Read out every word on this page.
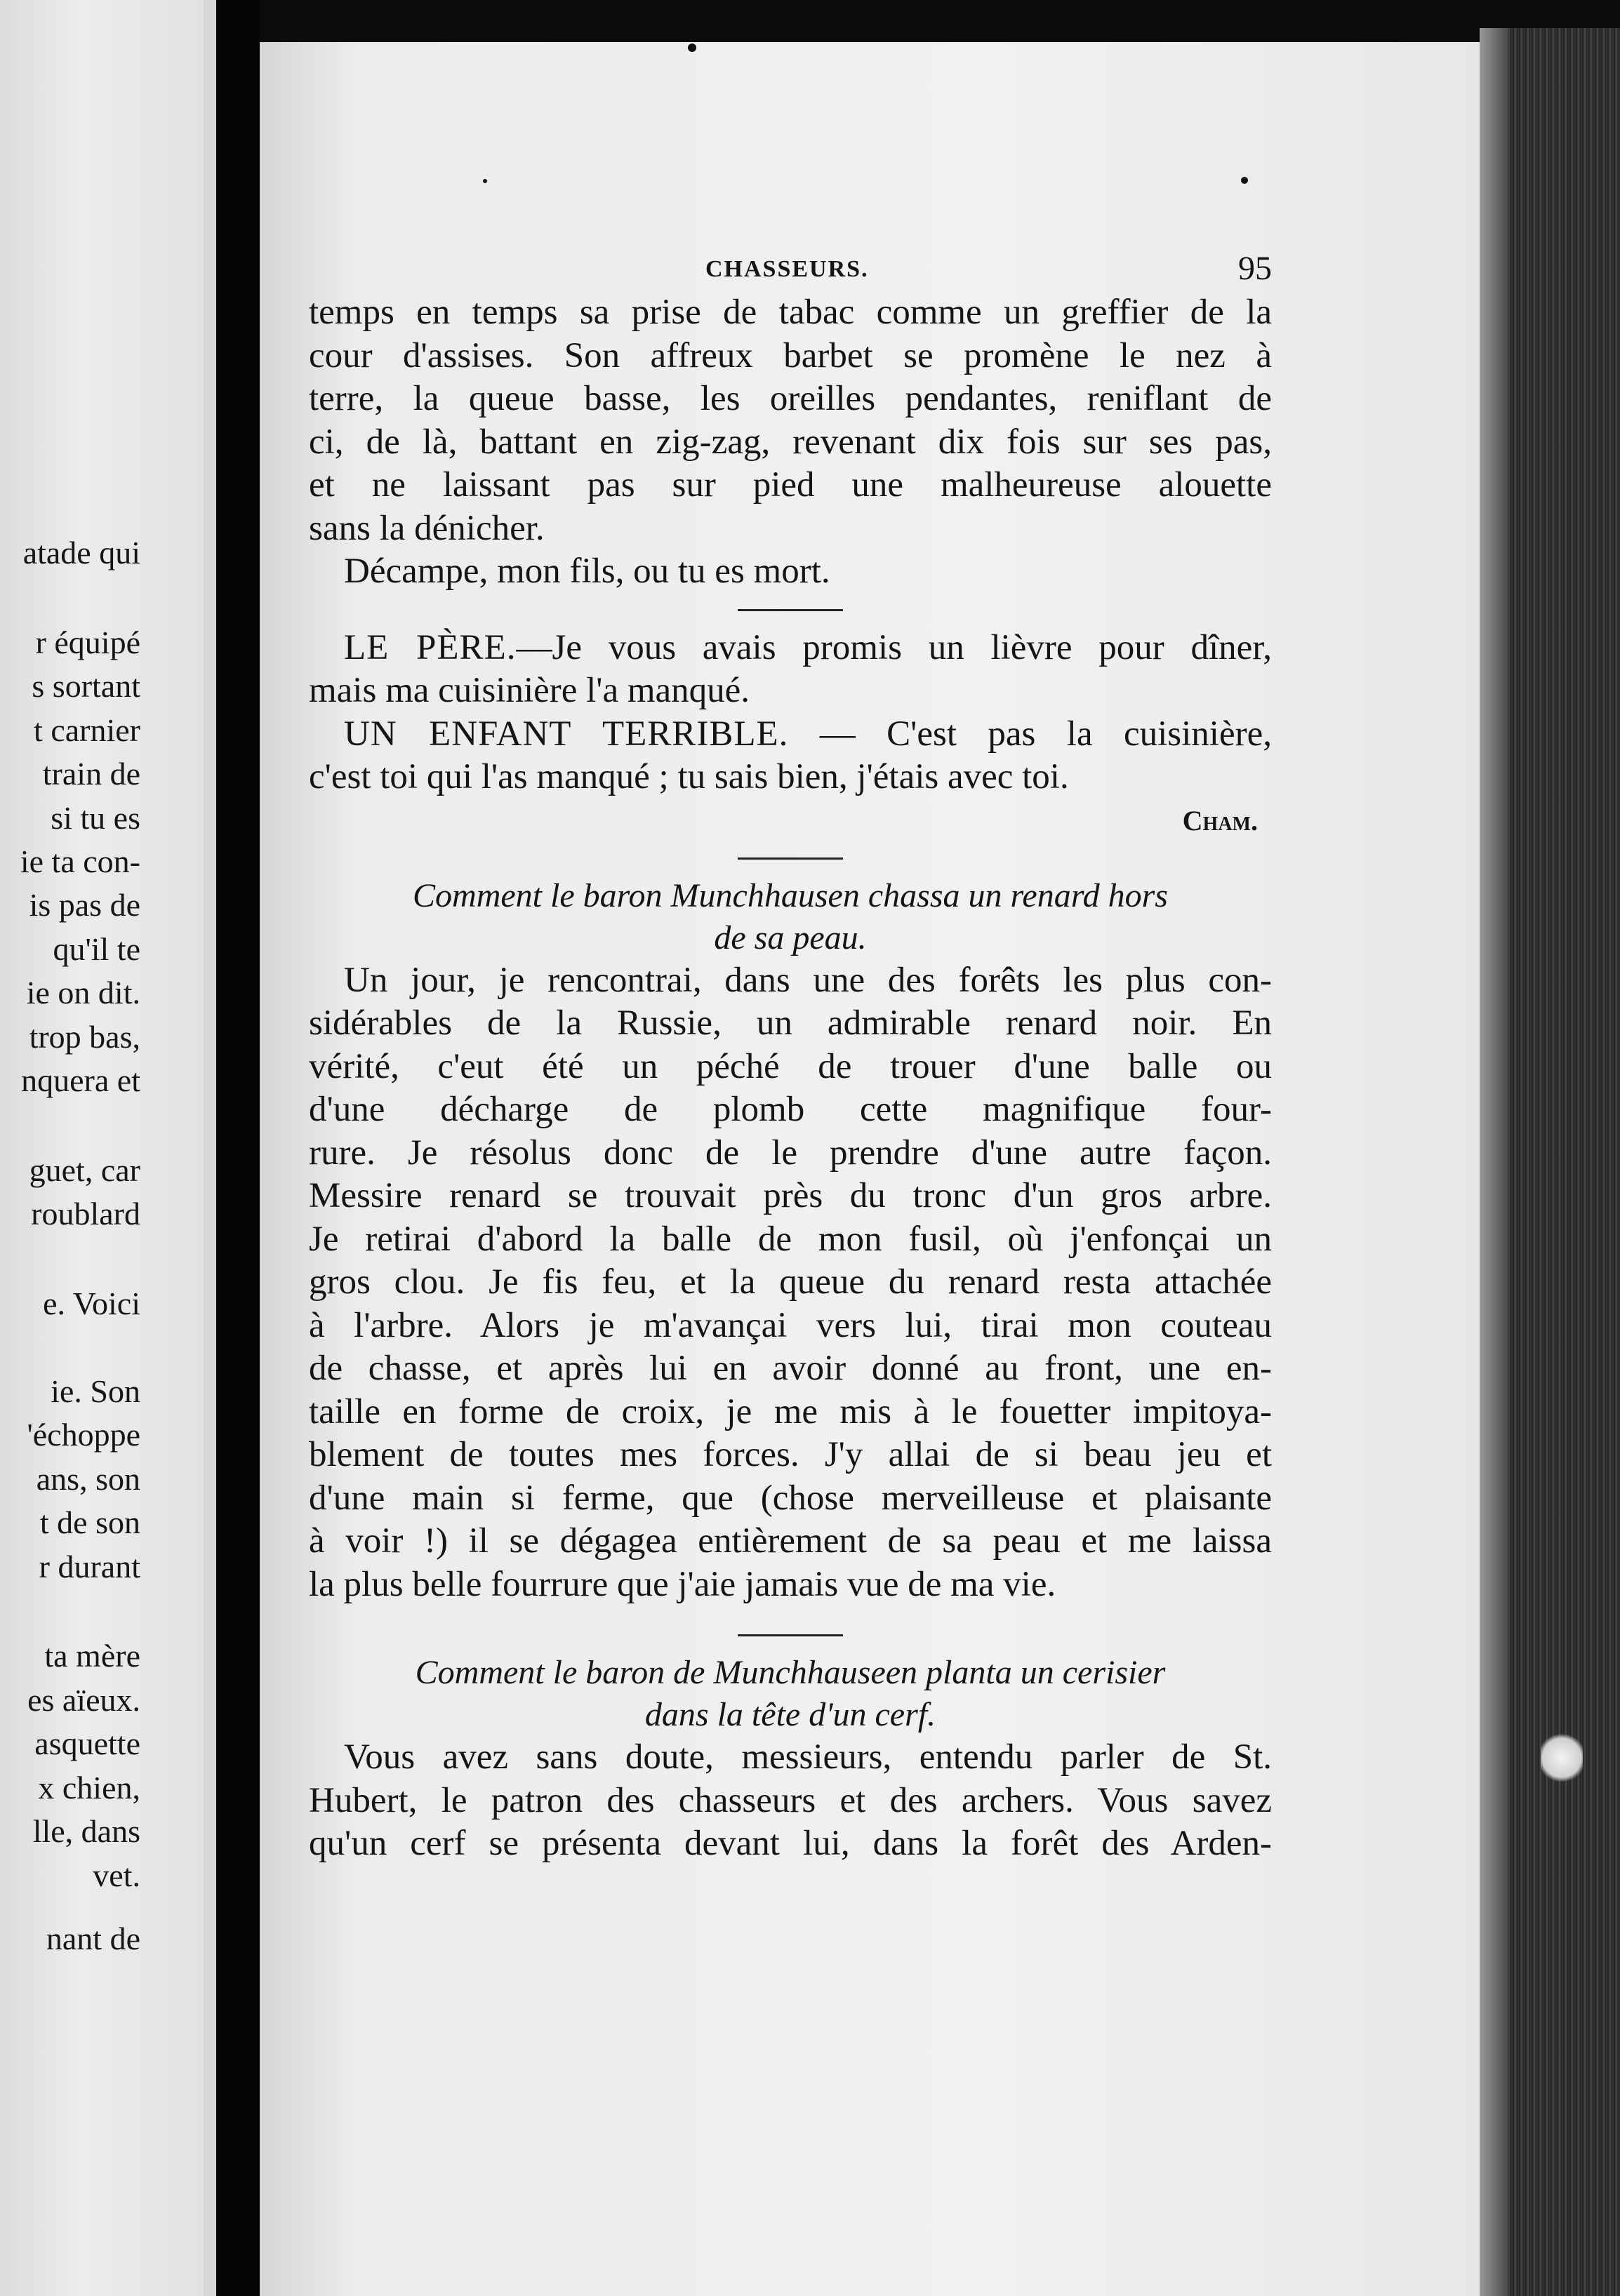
atade qui
r équipé
s sortant
t carnier
train de
si tu es
ie ta con-
is pas de
qu'il te
ie on dit.
trop bas,
nquera et
guet, car
roublard
e. Voici
ie. Son
'échoppe
ans, son
t de son
r durant
ta mère
es aïeux.
asquette
x chien,
lle, dans
vet.
nant de
CHASSEURS.	95

temps en temps sa prise de tabac comme un greffier de la

cour d'assises. Son affreux barbet se promène le nez à

terre, la queue basse, les oreilles pendantes, reniflant de

ci, de là, battant en zig-zag, revenant dix fois sur ses pas,

et ne laissant pas sur pied une malheureuse alouette

sans la dénicher.

Décampe, mon fils, ou tu es mort.

LE PÈRE.—Je vous avais promis un lièvre pour dîner,

mais ma cuisinière l'a manqué.

UN ENFANT TERRIBLE. — C'est pas la cuisinière,

c'est toi qui l'as manqué ; tu sais bien, j'étais avec toi.

Cham.

Comment le baron Munchhausen chassa un renard hors

de sa peau.

Un jour, je rencontrai, dans une des forêts les plus con-

sidérables de la Russie, un admirable renard noir. En

vérité, c'eut été un péché de trouer d'une balle ou

d'une décharge de plomb cette magnifique four-

rure. Je résolus donc de le prendre d'une autre façon.

Messire renard se trouvait près du tronc d'un gros arbre.

Je retirai d'abord la balle de mon fusil, où j'enfonçai un

gros clou. Je fis feu, et la queue du renard resta attachée

à l'arbre. Alors je m'avançai vers lui, tirai mon couteau

de chasse, et après lui en avoir donné au front, une en-

taille en forme de croix, je me mis à le fouetter impitoya-

blement de toutes mes forces. J'y allai de si beau jeu et

d'une main si ferme, que (chose merveilleuse et plaisante

à voir !) il se dégagea entièrement de sa peau et me laissa

la plus belle fourrure que j'aie jamais vue de ma vie.

Comment le baron de Munchhauseen planta un cerisier

dans la tête d'un cerf.

Vous avez sans doute, messieurs, entendu parler de St.

Hubert, le patron des chasseurs et des archers. Vous savez

qu'un cerf se présenta devant lui, dans la forêt des Arden-
